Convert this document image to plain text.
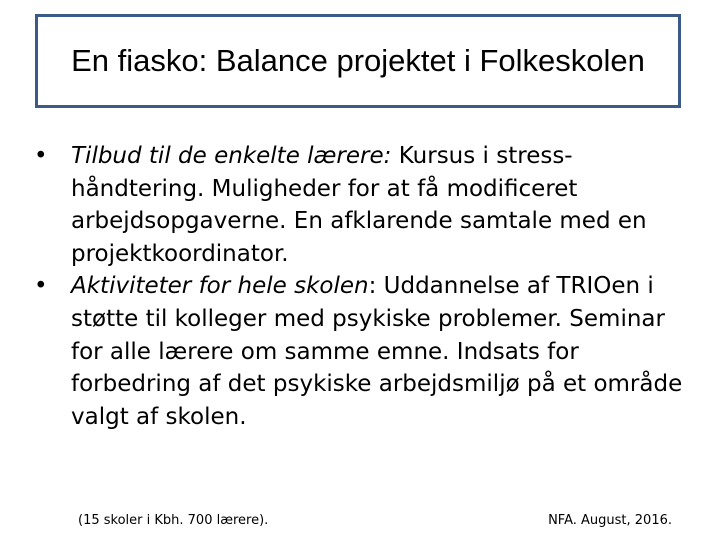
En fiasko: Balance projektet i Folkeskolen
• Tilbud til de enkelte lærere: Kursus i stress-håndtering. Muligheder for at få modificeret arbejdsopgaverne. En afklarende samtale med en projektkoordinator.
• Aktiviteter for hele skolen: Uddannelse af TRIOen i støtte til kolleger med psykiske problemer. Seminar for alle lærere om samme emne. Indsats for forbedring af det psykiske arbejdsmiljø på et område valgt af skolen.
(15 skoler i Kbh. 700 lærere).	NFA. August, 2016.
